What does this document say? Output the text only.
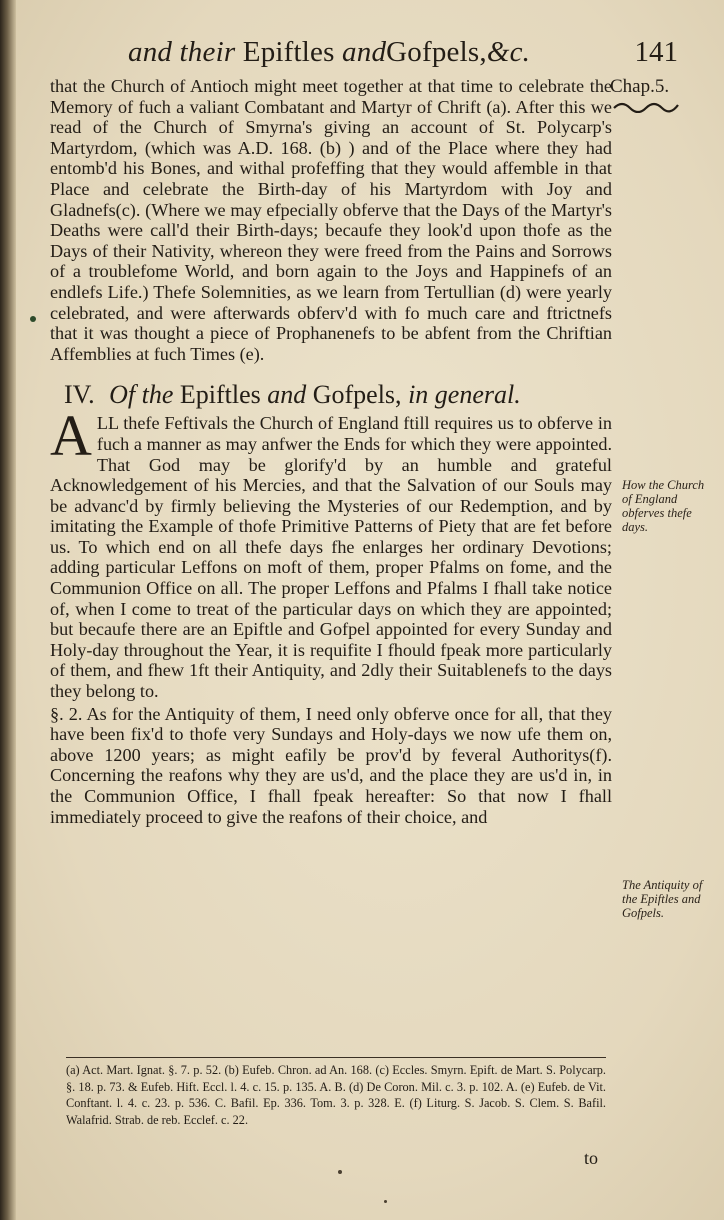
and their Epiftles andGofpels,&c.	141
Chap.5.

that the Church of Antioch might meet together at that time to celebrate the Memory of fuch a valiant Combatant and Martyr of Chrift (a). After this we read of the Church of Smyrna's giving an account of St. Polycarp's Martyrdom, (which was A.D. 168. (b) ) and of the Place where they had entomb'd his Bones, and withal profeffing that they would affemble in that Place and celebrate the Birth-day of his Martyrdom with Joy and Gladnefs(c). (Where we may efpecially obferve that the Days of the Martyr's Deaths were call'd their Birth-days; becaufe they look'd upon thofe as the Days of their Nativity, whereon they were freed from the Pains and Sorrows of a troublefome World, and born again to the Joys and Happinefs of an endlefs Life.) Thefe Solemnities, as we learn from Tertullian (d) were yearly celebrated, and were afterwards obferv'd with fo much care and ftrictnefs that it was thought a piece of Prophanenefs to be abfent from the Chriftian Affemblies at fuch Times (e).

IV. Of the Epiftles and Gofpels, in general.

ALL thefe Feftivals the Church of England ftill requires us to obferve in fuch a manner as may anfwer the Ends for which they were appointed. That God may be glorify'd by an humble and grateful Acknowledgement of his Mercies, and that the Salvation of our Souls may be advanc'd by firmly believing the Mysteries of our Redemption, and by imitating the Example of thofe Primitive Patterns of Piety that are fet before us. To which end on all thefe days fhe enlarges her ordinary Devotions; adding particular Leffons on moft of them, proper Pfalms on fome, and the Communion Office on all. The proper Leffons and Pfalms I fhall take notice of, when I come to treat of the particular days on which they are appointed; but becaufe there are an Epiftle and Gofpel appointed for every Sunday and Holy-day throughout the Year, it is requifite I fhould fpeak more particularly of them, and fhew 1ft their Antiquity, and 2dly their Suitablenefs to the days they belong to.

§. 2. As for the Antiquity of them, I need only obferve once for all, that they have been fix'd to thofe very Sundays and Holy-days we now ufe them on, above 1200 years; as might eafily be prov'd by feveral Authoritys(f). Concerning the reafons why they are us'd, and the place they are us'd in, in the Communion Office, I fhall fpeak hereafter: So that now I fhall immediately proceed to give the reafons of their choice, and

How the Church of England obferves thefe days.
The Antiquity of the Epiftles and Gofpels.
(a) Act. Mart. Ignat. §. 7. p. 52. (b) Eufeb. Chron. ad An. 168. (c) Eccles. Smyrn. Epift. de Mart. S. Polycarp. §. 18. p. 73. & Eufeb. Hift. Eccl. l. 4. c. 15. p. 135. A. B. (d) De Coron. Mil. c. 3. p. 102. A. (e) Eufeb. de Vit. Conftant. l. 4. c. 23. p. 536. C. Bafil. Ep. 336. Tom. 3. p. 328. E. (f) Liturg. S. Jacob. S. Clem. S. Bafil. Walafrid. Strab. de reb. Ecclef. c. 22.
to
